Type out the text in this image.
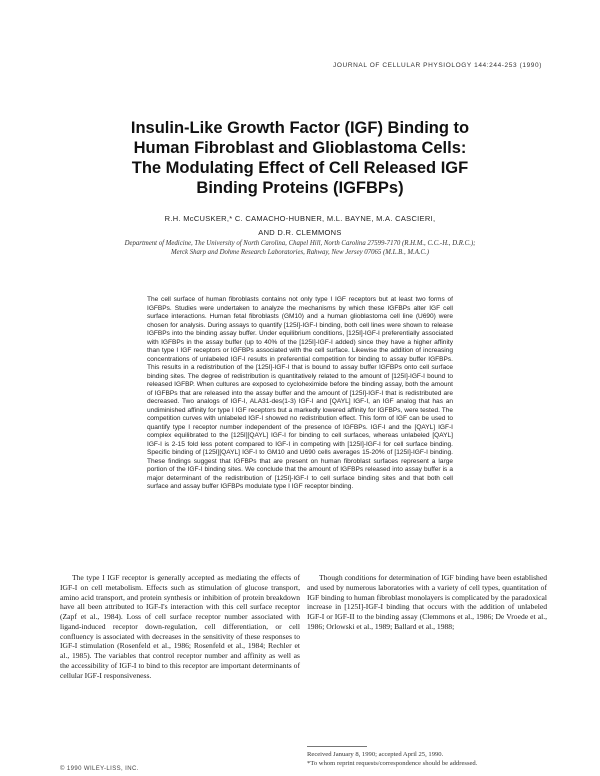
JOURNAL OF CELLULAR PHYSIOLOGY 144:244-253 (1990)
Insulin-Like Growth Factor (IGF) Binding to
Human Fibroblast and Glioblastoma Cells:
The Modulating Effect of Cell Released IGF
Binding Proteins (IGFBPs)
R.H. McCUSKER,* C. CAMACHO-HUBNER, M.L. BAYNE, M.A. CASCIERI,
AND D.R. CLEMMONS
Department of Medicine, The University of North Carolina, Chapel Hill, North Carolina 27599-7170 (R.H.M., C.C.-H., D.R.C.); Merck Sharp and Dohme Research Laboratories, Rahway, New Jersey 07065 (M.L.B., M.A.C.)
The cell surface of human fibroblasts contains not only type I IGF receptors but at least two forms of IGFBPs. Studies were undertaken to analyze the mechanisms by which these IGFBPs alter IGF cell surface interactions. Human fetal fibroblasts (GM10) and a human glioblastoma cell line (U690) were chosen for analysis. During assays to quantify [125I]-IGF-I binding, both cell lines were shown to release IGFBPs into the binding assay buffer. Under equilibrium conditions, [125I]-IGF-I preferentially associated with IGFBPs in the assay buffer (up to 40% of the [125I]-IGF-I added) since they have a higher affinity than type I IGF receptors or IGFBPs associated with the cell surface. Likewise the addition of increasing concentrations of unlabeled IGF-I results in preferential competition for binding to assay buffer IGFBPs. This results in a redistribution of the [125I]-IGF-I that is bound to assay buffer IGFBPs onto cell surface binding sites. The degree of redistribution is quantitatively related to the amount of [125I]-IGF-I bound to released IGFBP. When cultures are exposed to cycloheximide before the binding assay, both the amount of IGFBPs that are released into the assay buffer and the amount of [125I]-IGF-I that is redistributed are decreased. Two analogs of IGF-I, ALA31-des(1-3) IGF-I and [QAYL] IGF-I, an IGF analog that has an undiminished affinity for type I IGF receptors but a markedly lowered affinity for IGFBPs, were tested. The competition curves with unlabeled IGF-I showed no redistribution effect. This form of IGF can be used to quantify type I receptor number independent of the presence of IGFBPs. IGF-I and the [QAYL] IGF-I complex equilibrated to the [125I][QAYL] IGF-I for binding to cell surfaces, whereas unlabeled [QAYL] IGF-I is 2-15 fold less potent compared to IGF-I in competing with [125I]-IGF-I for cell surface binding. Specific binding of [125I][QAYL] IGF-I to GM10 and U690 cells averages 15-20% of [125I]-IGF-I binding. These findings suggest that IGFBPs that are present on human fibroblast surfaces represent a large portion of the IGF-I binding sites. We conclude that the amount of IGFBPs released into assay buffer is a major determinant of the redistribution of [125I]-IGF-I to cell surface binding sites and that both cell surface and assay buffer IGFBPs modulate type I IGF receptor binding.

The type I IGF receptor is generally accepted as mediating the effects of IGF-I on cell metabolism. Effects such as stimulation of glucose transport, amino acid transport, and protein synthesis or inhibition of protein breakdown have all been attributed to IGF-I's interaction with this cell surface receptor (Zapf et al., 1984). Loss of cell surface receptor number associated with ligand-induced receptor down-regulation, cell differentiation, or cell confluency is associated with decreases in the sensitivity of these responses to IGF-I stimulation (Rosenfeld et al., 1986; Rosenfeld et al., 1984; Rechler et al., 1985). The variables that control receptor number and affinity as well as the accessibility of IGF-I to bind to this receptor are important determinants of cellular IGF-I responsiveness.

Though conditions for determination of IGF binding have been established and used by numerous laboratories with a variety of cell types, quantitation of IGF binding to human fibroblast monolayers is complicated by the paradoxical increase in [125I]-IGF-I binding that occurs with the addition of unlabeled IGF-I or IGF-II to the binding assay (Clemmons et al., 1986; De Vroede et al., 1986; Orlowski et al., 1989; Ballard et al., 1988;

Received January 8, 1990; accepted April 25, 1990.
*To whom reprint requests/correspondence should be addressed.
© 1990 WILEY-LISS, INC.
